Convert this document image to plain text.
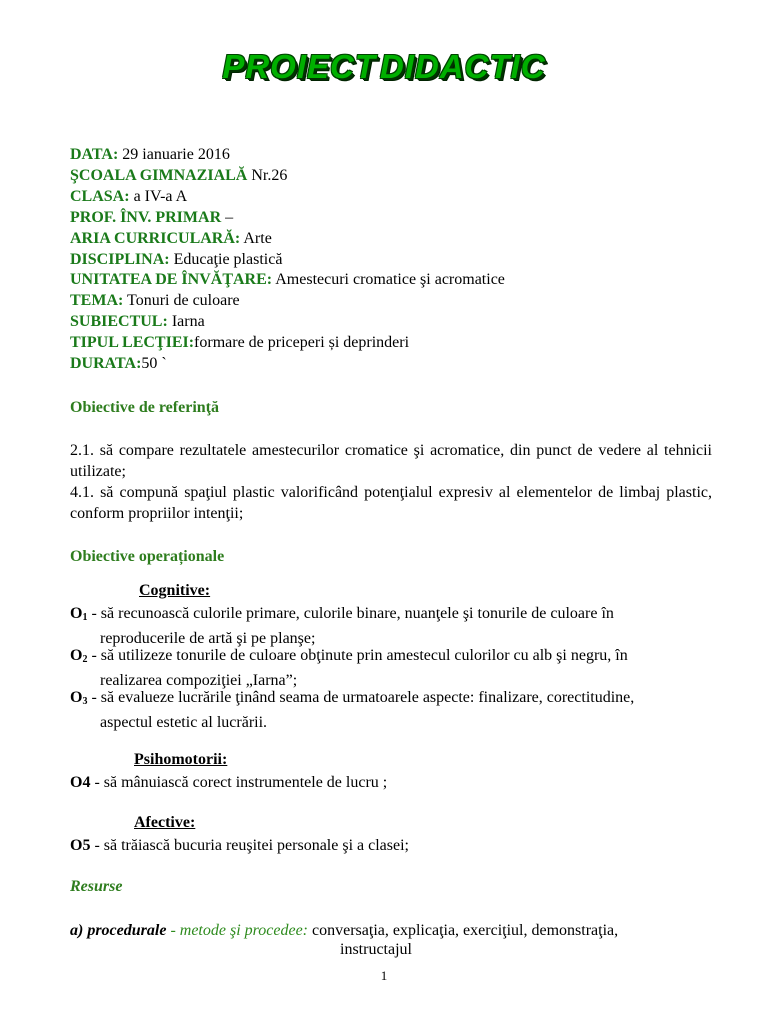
PROIECT DIDACTIC
DATA: 29 ianuarie 2016
ŞCOALA GIMNAZIALĂ Nr.26
CLASA: a IV-a A
PROF. ÎNV. PRIMAR –
ARIA CURRICULARĂ: Arte
DISCIPLINA: Educaţie plastică
UNITATEA DE ÎNVĂŢARE: Amestecuri cromatice şi acromatice
TEMA: Tonuri de culoare
SUBIECTUL: Iarna
TIPUL LECŢIEI:formare de priceperi și deprinderi
DURATA:50 `
Obiective de referinţă
2.1. să compare rezultatele amestecurilor cromatice şi acromatice, din punct de vedere al tehnicii utilizate;
4.1. să compună spaţiul plastic valorificând potenţialul expresiv al elementelor de limbaj plastic, conform propriilor intenţii;
Obiective operaționale
Cognitive:
$O_1$ - să recunoască culorile primare, culorile binare, nuanţele şi tonurile de culoare în
reproducerile de artă şi pe planşe;
$O_2$ - să utilizeze tonurile de culoare obţinute prin amestecul culorilor cu alb şi negru, în
realizarea compoziţiei „Iarna”;
$O_3$ - să evalueze lucrările ţinând seama de urmatoarele aspecte: finalizare, corectitudine,
aspectul estetic al lucrării.
Psihomotorii:
O4 - să mânuiască corect instrumentele de lucru ;
Afective:
O5 - să trăiască bucuria reuşitei personale şi a clasei;
Resurse
a) procedurale - metode şi procedee: conversaţia, explicaţia, exerciţiul, demonstraţia,
instructajul
1
